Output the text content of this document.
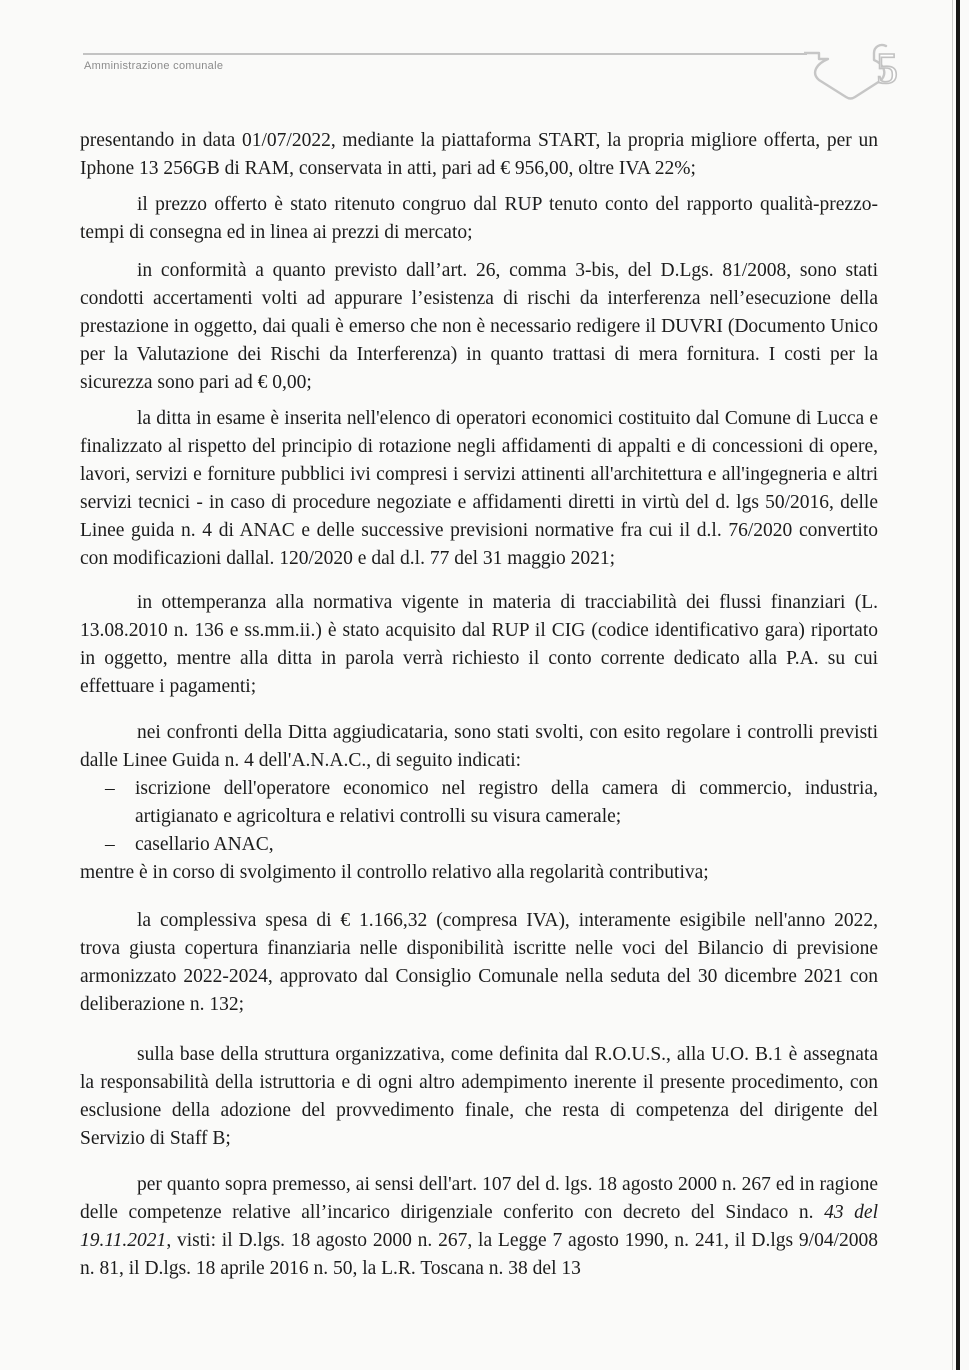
Amministrazione comunale	5

presentando in data 01/07/2022, mediante la piattaforma START, la propria migliore offerta, per un Iphone 13 256GB di RAM, conservata in atti, pari ad € 956,00, oltre IVA 22%;

il prezzo offerto è stato ritenuto congruo dal RUP tenuto conto del rapporto qualità-prezzo-tempi di consegna ed in linea ai prezzi di mercato;

in conformità a quanto previsto dall’art. 26, comma 3-bis, del D.Lgs. 81/2008, sono stati condotti accertamenti volti ad appurare l’esistenza di rischi da interferenza nell’esecuzione della prestazione in oggetto, dai quali è emerso che non è necessario redigere il DUVRI (Documento Unico per la Valutazione dei Rischi da Interferenza) in quanto trattasi di mera fornitura. I costi per la sicurezza sono pari ad € 0,00;

la ditta in esame è inserita nell'elenco di operatori economici costituito dal Comune di Lucca e finalizzato al rispetto del principio di rotazione negli affidamenti di appalti e di concessioni di opere, lavori, servizi e forniture pubblici ivi compresi i servizi attinenti all'architettura e all'ingegneria e altri servizi tecnici - in caso di procedure negoziate e affidamenti diretti in virtù del d. lgs 50/2016, delle Linee guida n. 4 di ANAC e delle successive previsioni normative fra cui il d.l. 76/2020 convertito con modificazioni dallal. 120/2020 e dal d.l. 77 del 31 maggio 2021;

in ottemperanza alla normativa vigente in materia di tracciabilità dei flussi finanziari (L. 13.08.2010 n. 136 e ss.mm.ii.) è stato acquisito dal RUP il CIG (codice identificativo gara) riportato in oggetto, mentre alla ditta in parola verrà richiesto il conto corrente dedicato alla P.A. su cui effettuare i pagamenti;

nei confronti della Ditta aggiudicataria, sono stati svolti, con esito regolare i controlli previsti dalle Linee Guida n. 4 dell'A.N.A.C., di seguito indicati:

–	iscrizione dell'operatore economico nel registro della camera di commercio, industria, artigianato e agricoltura e relativi controlli su visura camerale;
–	casellario ANAC,

mentre è in corso di svolgimento il controllo relativo alla regolarità contributiva;

la complessiva spesa di € 1.166,32 (compresa IVA), interamente esigibile nell'anno 2022, trova giusta copertura finanziaria nelle disponibilità iscritte nelle voci del Bilancio di previsione armonizzato 2022-2024, approvato dal Consiglio Comunale nella seduta del 30 dicembre 2021 con deliberazione n. 132;

sulla base della struttura organizzativa, come definita dal R.O.U.S., alla U.O. B.1 è assegnata la responsabilità della istruttoria e di ogni altro adempimento inerente il presente procedimento, con esclusione della adozione del provvedimento finale, che resta di competenza del dirigente del Servizio di Staff B;

per quanto sopra premesso, ai sensi dell'art. 107 del d. lgs. 18 agosto 2000 n. 267 ed in ragione delle competenze relative all’incarico dirigenziale conferito con decreto del Sindaco n. 43 del 19.11.2021, visti: il D.lgs. 18 agosto 2000 n. 267, la Legge 7 agosto 1990, n. 241, il D.lgs 9/04/2008 n. 81, il D.lgs. 18 aprile 2016 n. 50, la L.R. Toscana n. 38 del 13
